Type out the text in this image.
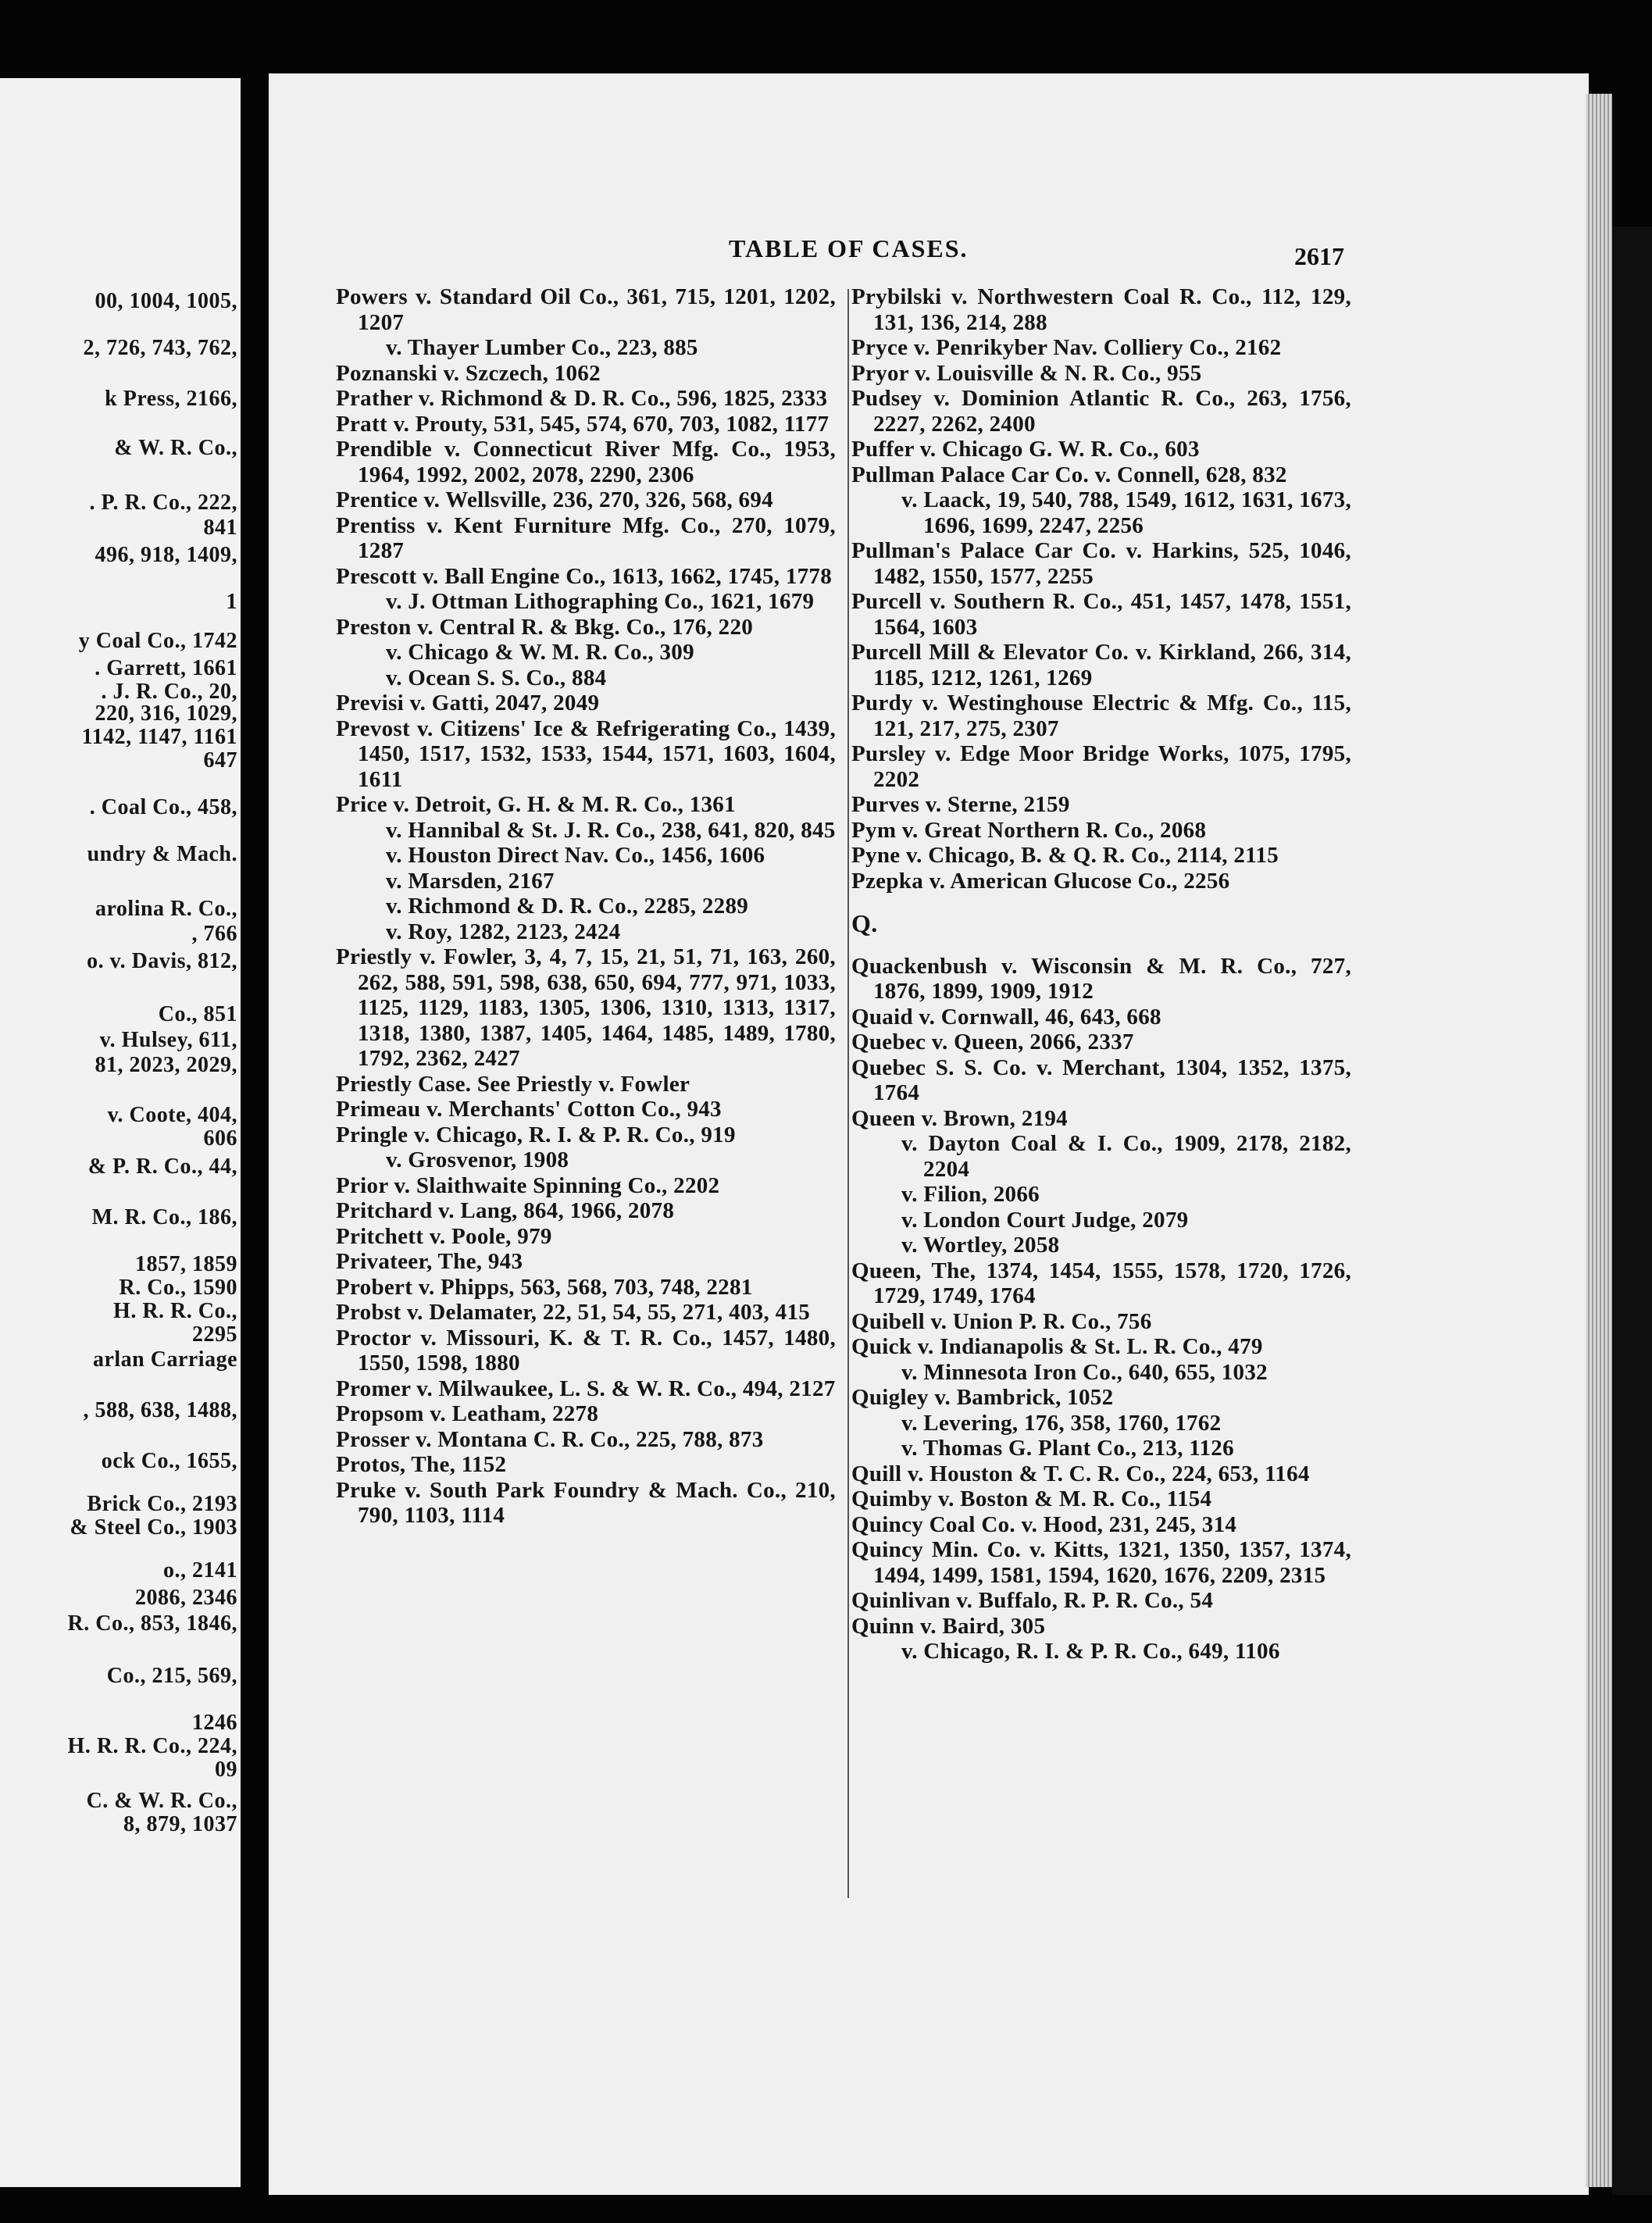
00, 1004, 1005,
2, 726, 743, 762,
k Press, 2166,
& W. R. Co.,
. P. R. Co., 222,
841
496, 918, 1409,
1
y Coal Co., 1742
. Garrett, 1661
. J. R. Co., 20,
220, 316, 1029,
1142, 1147, 1161
647
. Coal Co., 458,
undry & Mach.
arolina R. Co.,
, 766
o. v. Davis, 812,
Co., 851
v. Hulsey, 611,
81, 2023, 2029,
v. Coote, 404,
606
& P. R. Co., 44,
M. R. Co., 186,
1857, 1859
R. Co., 1590
H. R. R. Co.,
2295
arlan Carriage
, 588, 638, 1488,
ock Co., 1655,
Brick Co., 2193
& Steel Co., 1903
o., 2141
2086, 2346
R. Co., 853, 1846,
Co., 215, 569,
1246
H. R. R. Co., 224,
09
C. & W. R. Co.,
8, 879, 1037
TABLE OF CASES.	2617
Powers v. Standard Oil Co., 361, 715, 1201, 1202, 1207
v. Thayer Lumber Co., 223, 885
Poznanski v. Szczech, 1062
Prather v. Richmond & D. R. Co., 596, 1825, 2333
Pratt v. Prouty, 531, 545, 574, 670, 703, 1082, 1177
Prendible v. Connecticut River Mfg. Co., 1953, 1964, 1992, 2002, 2078, 2290, 2306
Prentice v. Wellsville, 236, 270, 326, 568, 694
Prentiss v. Kent Furniture Mfg. Co., 270, 1079, 1287
Prescott v. Ball Engine Co., 1613, 1662, 1745, 1778
v. J. Ottman Lithographing Co., 1621, 1679
Preston v. Central R. & Bkg. Co., 176, 220
v. Chicago & W. M. R. Co., 309
v. Ocean S. S. Co., 884
Previsi v. Gatti, 2047, 2049
Prevost v. Citizens' Ice & Refrigerating Co., 1439, 1450, 1517, 1532, 1533, 1544, 1571, 1603, 1604, 1611
Price v. Detroit, G. H. & M. R. Co., 1361
v. Hannibal & St. J. R. Co., 238, 641, 820, 845
v. Houston Direct Nav. Co., 1456, 1606
v. Marsden, 2167
v. Richmond & D. R. Co., 2285, 2289
v. Roy, 1282, 2123, 2424
Priestly v. Fowler, 3, 4, 7, 15, 21, 51, 71, 163, 260, 262, 588, 591, 598, 638, 650, 694, 777, 971, 1033, 1125, 1129, 1183, 1305, 1306, 1310, 1313, 1317, 1318, 1380, 1387, 1405, 1464, 1485, 1489, 1780, 1792, 2362, 2427
Priestly Case. See Priestly v. Fowler
Primeau v. Merchants' Cotton Co., 943
Pringle v. Chicago, R. I. & P. R. Co., 919
v. Grosvenor, 1908
Prior v. Slaithwaite Spinning Co., 2202
Pritchard v. Lang, 864, 1966, 2078
Pritchett v. Poole, 979
Privateer, The, 943
Probert v. Phipps, 563, 568, 703, 748, 2281
Probst v. Delamater, 22, 51, 54, 55, 271, 403, 415
Proctor v. Missouri, K. & T. R. Co., 1457, 1480, 1550, 1598, 1880
Promer v. Milwaukee, L. S. & W. R. Co., 494, 2127
Propsom v. Leatham, 2278
Prosser v. Montana C. R. Co., 225, 788, 873
Protos, The, 1152
Pruke v. South Park Foundry & Mach. Co., 210, 790, 1103, 1114
Prybilski v. Northwestern Coal R. Co., 112, 129, 131, 136, 214, 288
Pryce v. Penrikyber Nav. Colliery Co., 2162
Pryor v. Louisville & N. R. Co., 955
Pudsey v. Dominion Atlantic R. Co., 263, 1756, 2227, 2262, 2400
Puffer v. Chicago G. W. R. Co., 603
Pullman Palace Car Co. v. Connell, 628, 832
v. Laack, 19, 540, 788, 1549, 1612, 1631, 1673, 1696, 1699, 2247, 2256
Pullman's Palace Car Co. v. Harkins, 525, 1046, 1482, 1550, 1577, 2255
Purcell v. Southern R. Co., 451, 1457, 1478, 1551, 1564, 1603
Purcell Mill & Elevator Co. v. Kirkland, 266, 314, 1185, 1212, 1261, 1269
Purdy v. Westinghouse Electric & Mfg. Co., 115, 121, 217, 275, 2307
Pursley v. Edge Moor Bridge Works, 1075, 1795, 2202
Purves v. Sterne, 2159
Pym v. Great Northern R. Co., 2068
Pyne v. Chicago, B. & Q. R. Co., 2114, 2115
Pzepka v. American Glucose Co., 2256
Q.
Quackenbush v. Wisconsin & M. R. Co., 727, 1876, 1899, 1909, 1912
Quaid v. Cornwall, 46, 643, 668
Quebec v. Queen, 2066, 2337
Quebec S. S. Co. v. Merchant, 1304, 1352, 1375, 1764
Queen v. Brown, 2194
v. Dayton Coal & I. Co., 1909, 2178, 2182, 2204
v. Filion, 2066
v. London Court Judge, 2079
v. Wortley, 2058
Queen, The, 1374, 1454, 1555, 1578, 1720, 1726, 1729, 1749, 1764
Quibell v. Union P. R. Co., 756
Quick v. Indianapolis & St. L. R. Co., 479
v. Minnesota Iron Co., 640, 655, 1032
Quigley v. Bambrick, 1052
v. Levering, 176, 358, 1760, 1762
v. Thomas G. Plant Co., 213, 1126
Quill v. Houston & T. C. R. Co., 224, 653, 1164
Quimby v. Boston & M. R. Co., 1154
Quincy Coal Co. v. Hood, 231, 245, 314
Quincy Min. Co. v. Kitts, 1321, 1350, 1357, 1374, 1494, 1499, 1581, 1594, 1620, 1676, 2209, 2315
Quinlivan v. Buffalo, R. P. R. Co., 54
Quinn v. Baird, 305
v. Chicago, R. I. & P. R. Co., 649, 1106
